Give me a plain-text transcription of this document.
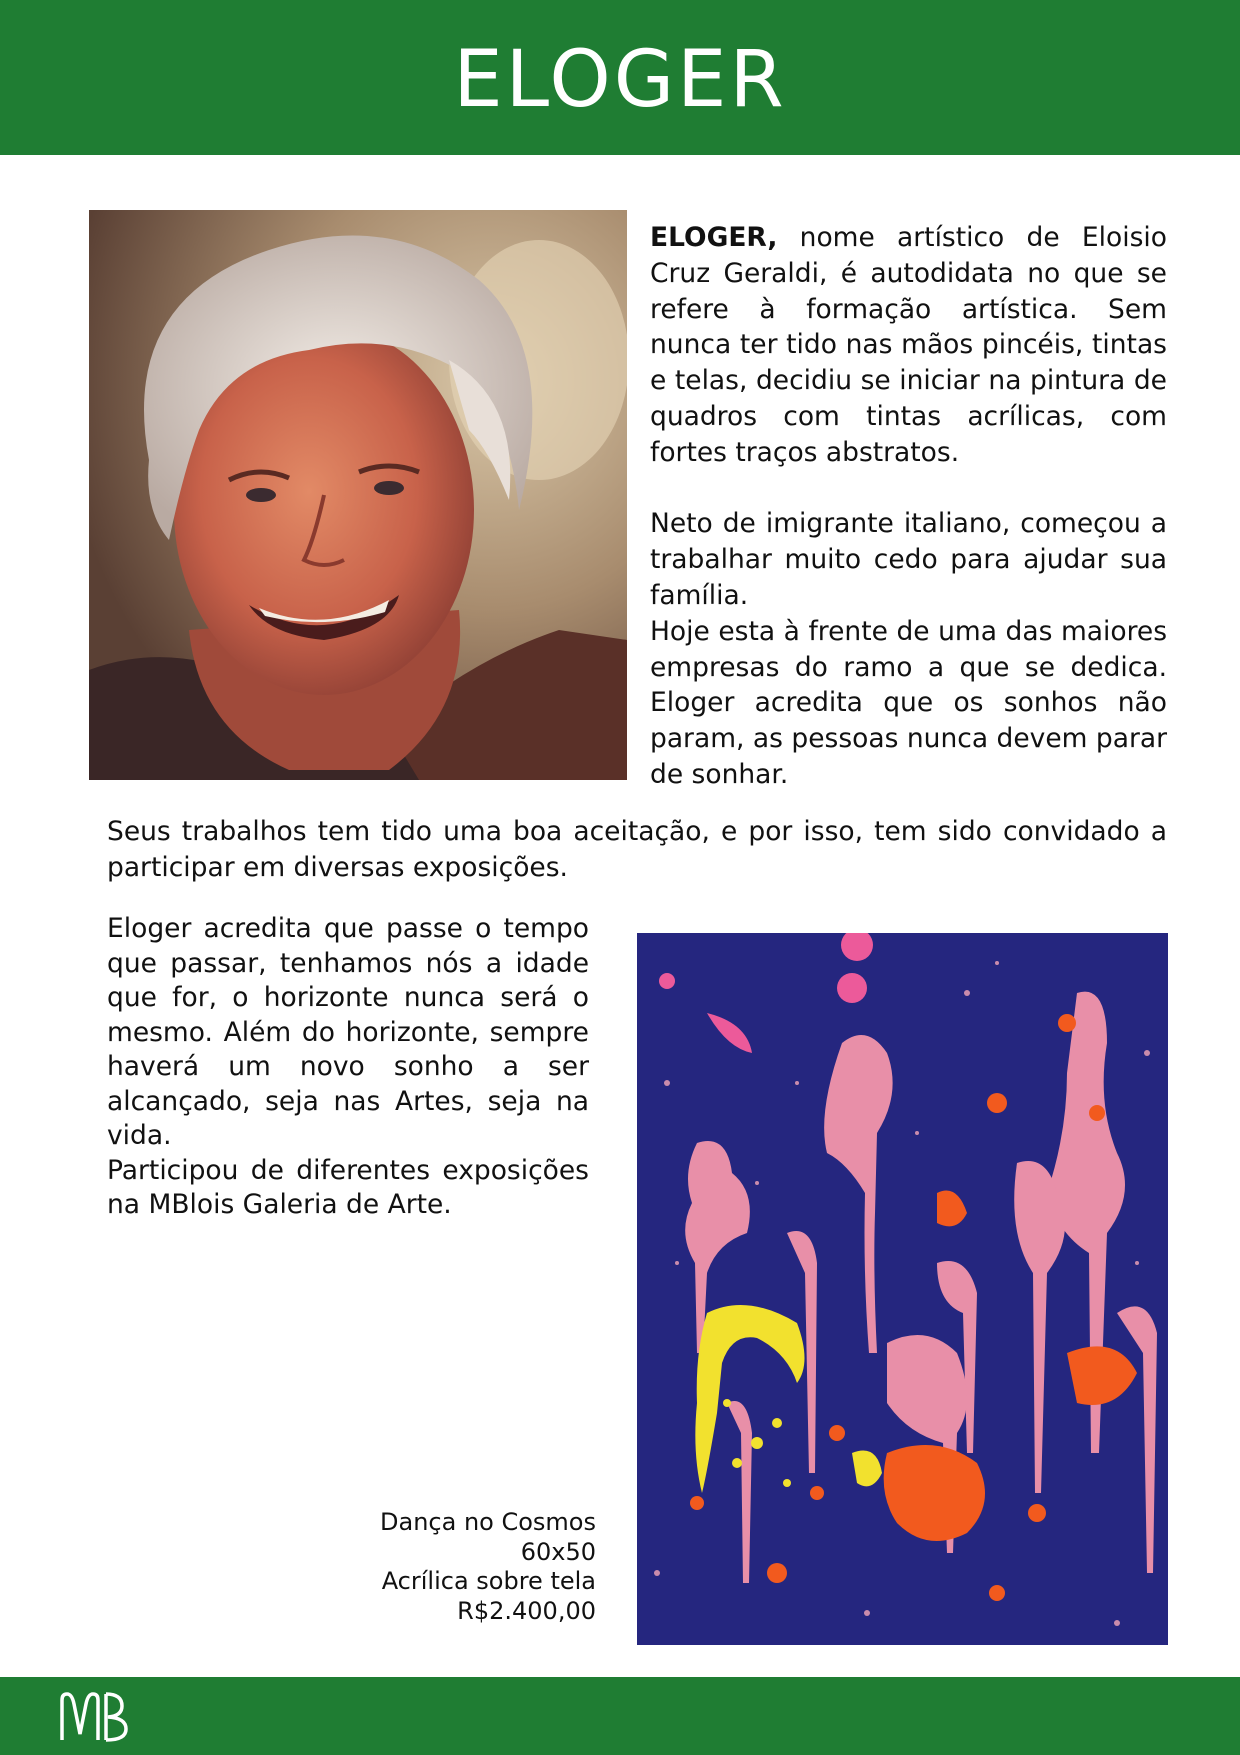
ELOGER

ELOGER, nome artístico de Eloisio Cruz Geraldi, é autodidata no que se refere à formação artística. Sem nunca ter tido nas mãos pincéis, tintas e telas, decidiu se iniciar na pintura de quadros com tintas acrílicas, com fortes traços abstratos.

Neto de imigrante italiano, começou a trabalhar muito cedo para ajudar sua família.

Hoje esta à frente de uma das maiores empresas do ramo a que se dedica. Eloger acredita que os sonhos não param, as pessoas nunca devem parar de sonhar.

Seus trabalhos tem tido uma boa aceitação, e por isso, tem sido convidado a participar em diversas exposições.

Eloger acredita que passe o tempo que passar, tenhamos nós a idade que for, o horizonte nunca será o mesmo. Além do horizonte, sempre haverá um novo sonho a ser alcançado, seja nas Artes, seja na vida.

Participou de diferentes exposições na MBlois Galeria de Arte.

Dança no Cosmos
60x50
Acrílica sobre tela
R$2.400,00
